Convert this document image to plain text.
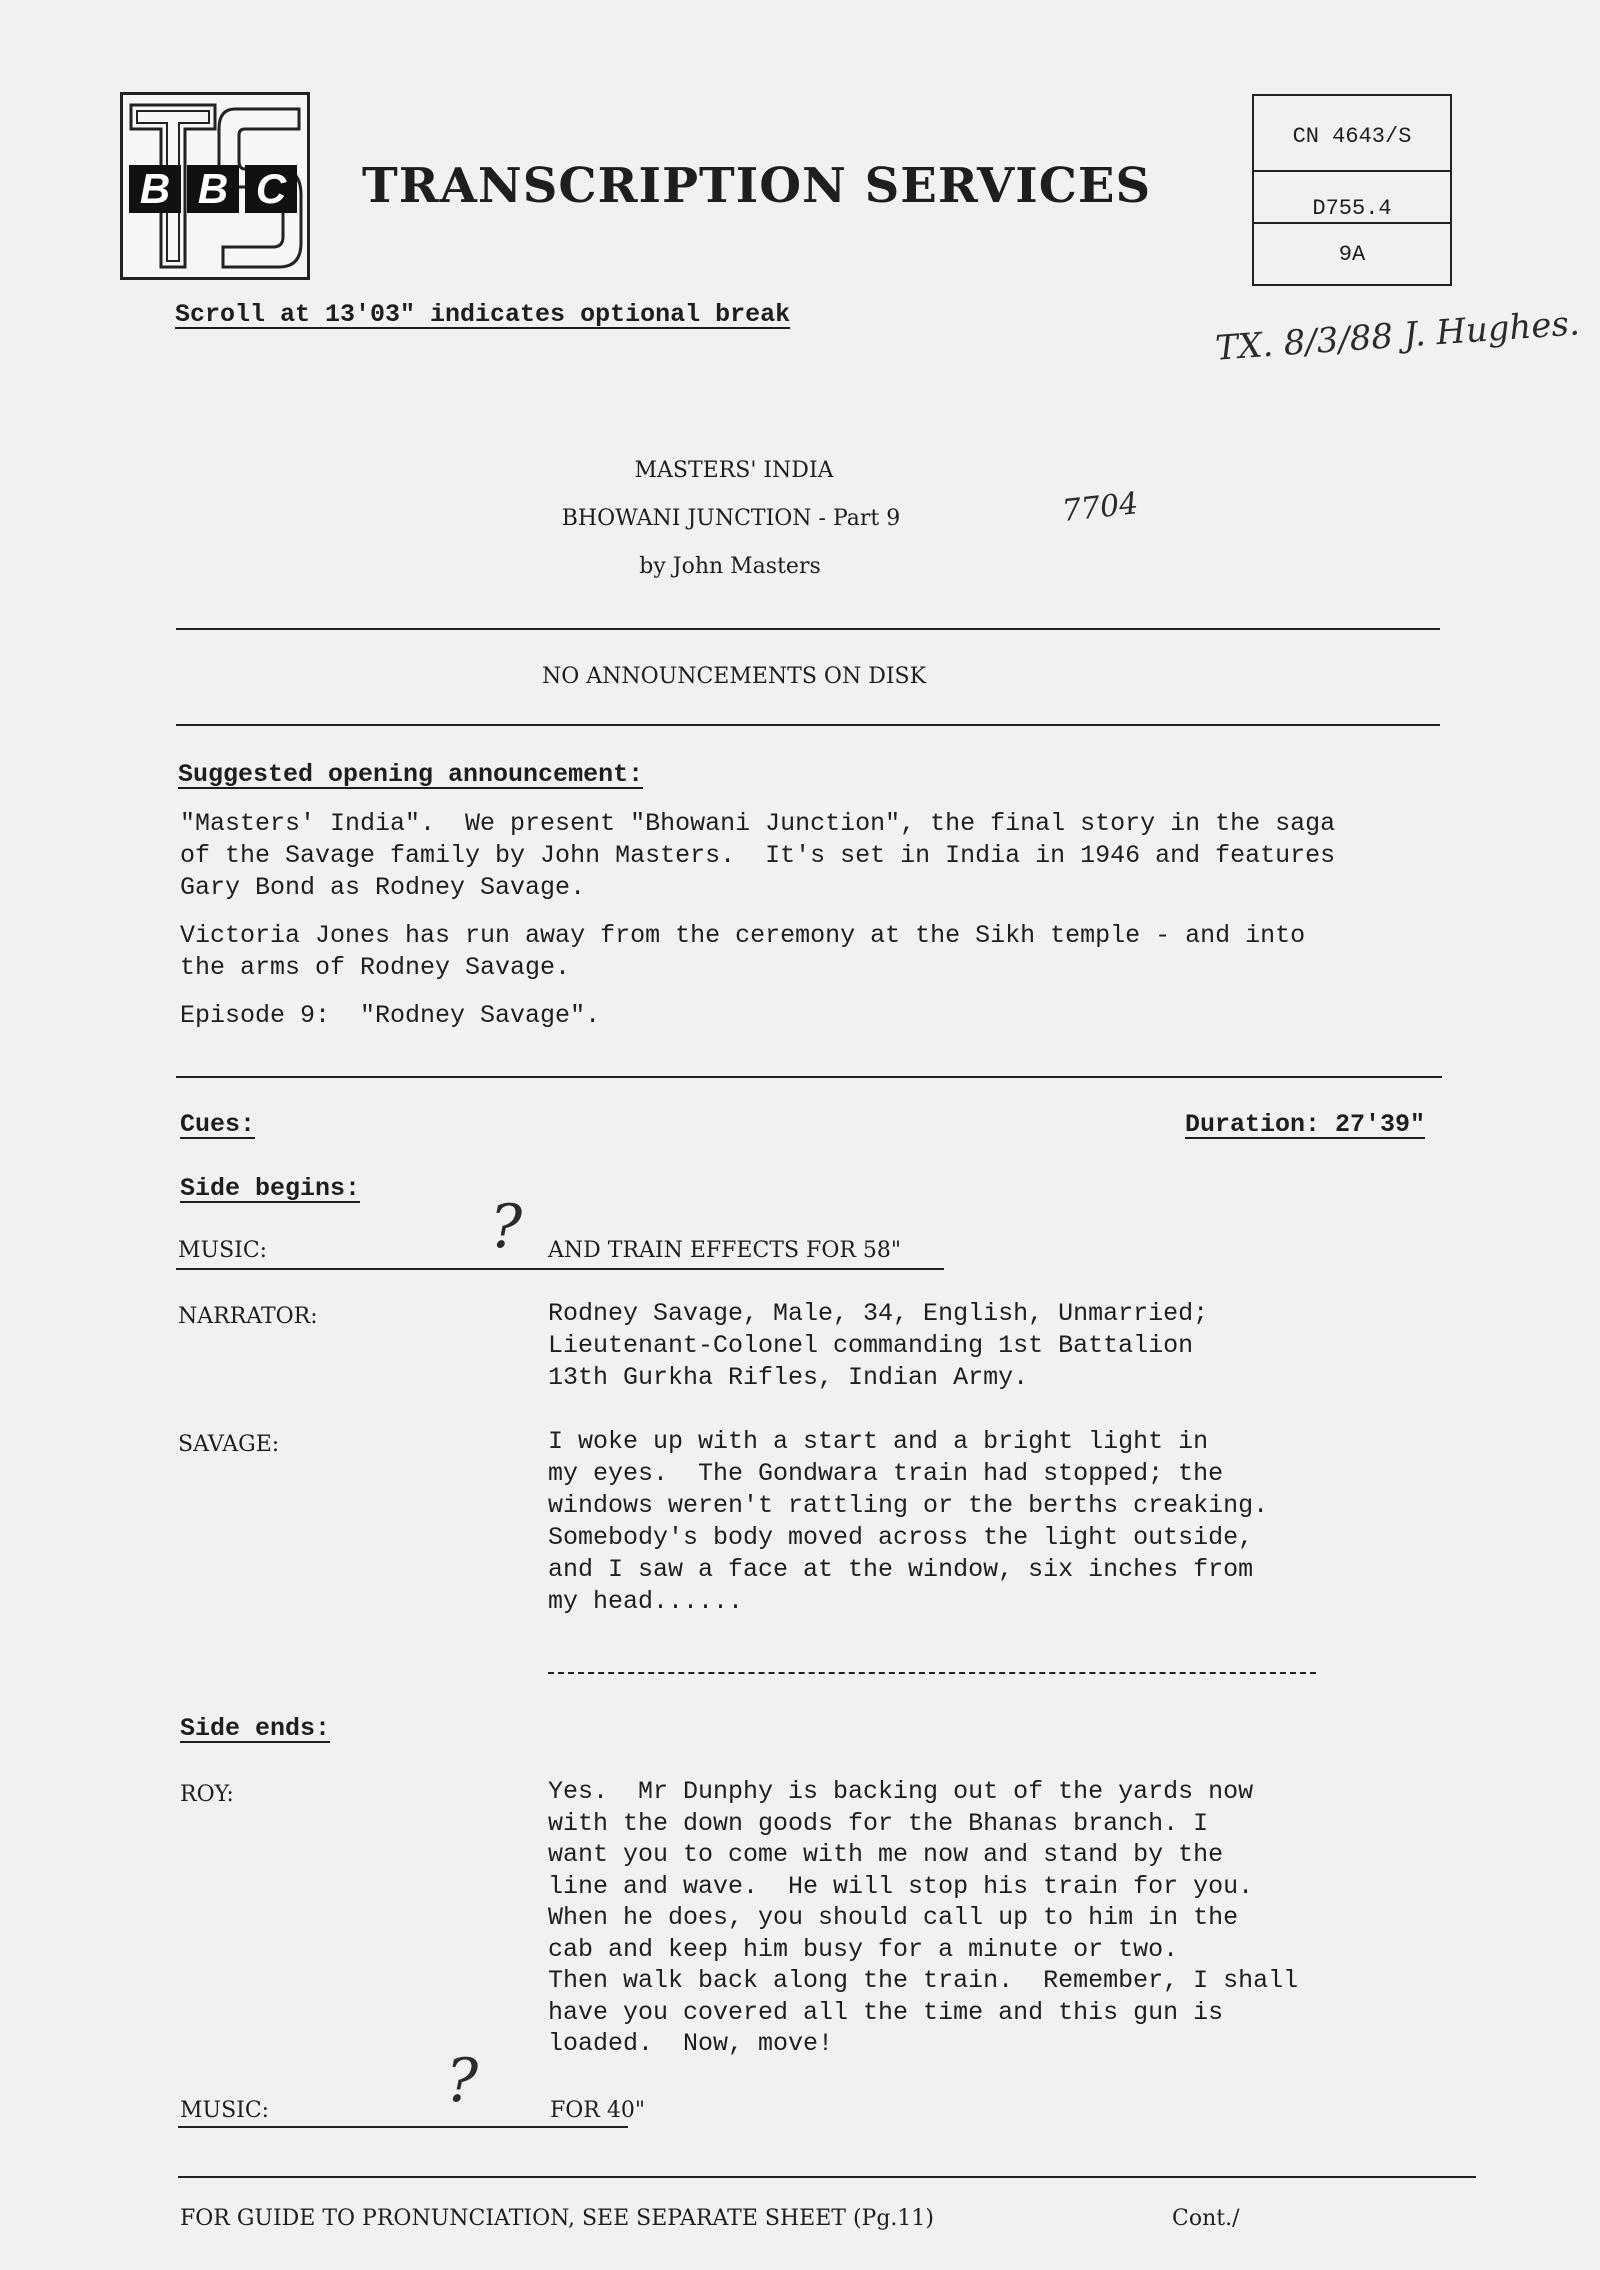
B B C TRANSCRIPTION SERVICES
CN 4643/S
D755.4
9A
Scroll at 13'03" indicates optional break	TX. 8/3/88 J. Hughes.
7704
MASTERS' INDIA
BHOWANI JUNCTION - Part 9
by John Masters
NO ANNOUNCEMENTS ON DISK
Suggested opening announcement:
"Masters' India".  We present "Bhowani Junction", the final story in the saga
of the Savage family by John Masters.  It's set in India in 1946 and features
Gary Bond as Rodney Savage.
Victoria Jones has run away from the ceremony at the Sikh temple - and into
the arms of Rodney Savage.
Episode 9:  "Rodney Savage".
Cues:	Duration: 27'39"
Side begins:
MUSIC:	? AND TRAIN EFFECTS FOR 58"
NARRATOR:	Rodney Savage, Male, 34, English, Unmarried;
Lieutenant-Colonel commanding 1st Battalion
13th Gurkha Rifles, Indian Army.
SAVAGE:	I woke up with a start and a bright light in
my eyes.  The Gondwara train had stopped; the
windows weren't rattling or the berths creaking.
Somebody's body moved across the light outside,
and I saw a face at the window, six inches from
my head......
Side ends:
ROY:	Yes.  Mr Dunphy is backing out of the yards now
with the down goods for the Bhanas branch. I
want you to come with me now and stand by the
line and wave.  He will stop his train for you.
When he does, you should call up to him in the
cab and keep him busy for a minute or two.
Then walk back along the train.  Remember, I shall
have you covered all the time and this gun is
loaded.  Now, move!
MUSIC:	?	FOR 40"
FOR GUIDE TO PRONUNCIATION, SEE SEPARATE SHEET (Pg.11)	Cont./
